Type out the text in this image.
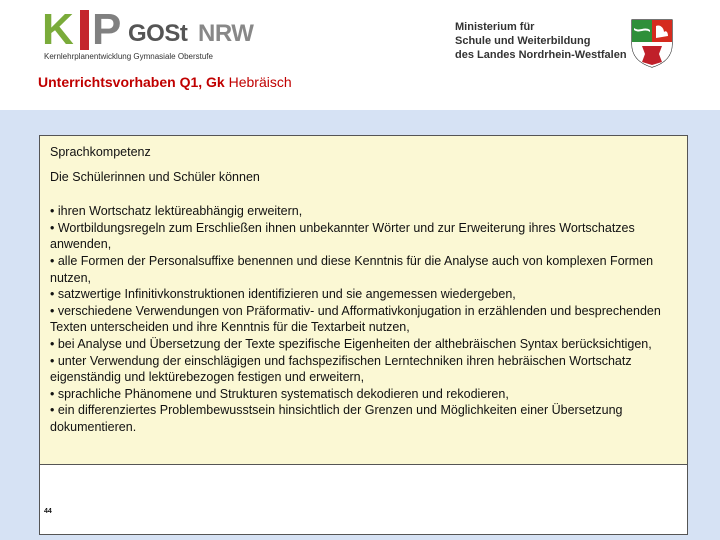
K P GOSt NRW
Kernlehrplanentwicklung Gymnasiale Oberstufe
Ministerium für
Schule und Weiterbildung
des Landes Nordrhein-Westfalen
Unterrichtsvorhaben Q1, Gk Hebräisch
Sprachkompetenz
Die Schülerinnen und Schüler können
• ihren Wortschatz lektüreabhängig erweitern,
• Wortbildungsregeln zum Erschließen ihnen unbekannter Wörter und zur Erweiterung ihres Wortschatzes anwenden,
• alle Formen der Personalsuffixe benennen und diese Kenntnis für die Analyse auch von komplexen Formen nutzen,
• satzwertige Infinitivkonstruktionen identifizieren und sie angemessen wiedergeben,
• verschiedene Verwendungen von Präformativ- und Afformativkonjugation in erzählenden und besprechenden Texten unterscheiden und ihre Kenntnis für die Textarbeit nutzen,
• bei Analyse und Übersetzung der Texte spezifische Eigenheiten der althebräischen Syntax berücksichtigen,
• unter Verwendung der einschlägigen und fachspezifischen Lerntechniken ihren hebräischen Wortschatz eigenständig und lektürebezogen festigen und erweitern,
• sprachliche Phänomene und Strukturen systematisch dekodieren und rekodieren,
• ein differenziertes Problembewusstsein hinsichtlich der Grenzen und Möglichkeiten einer Übersetzung dokumentieren.
44
